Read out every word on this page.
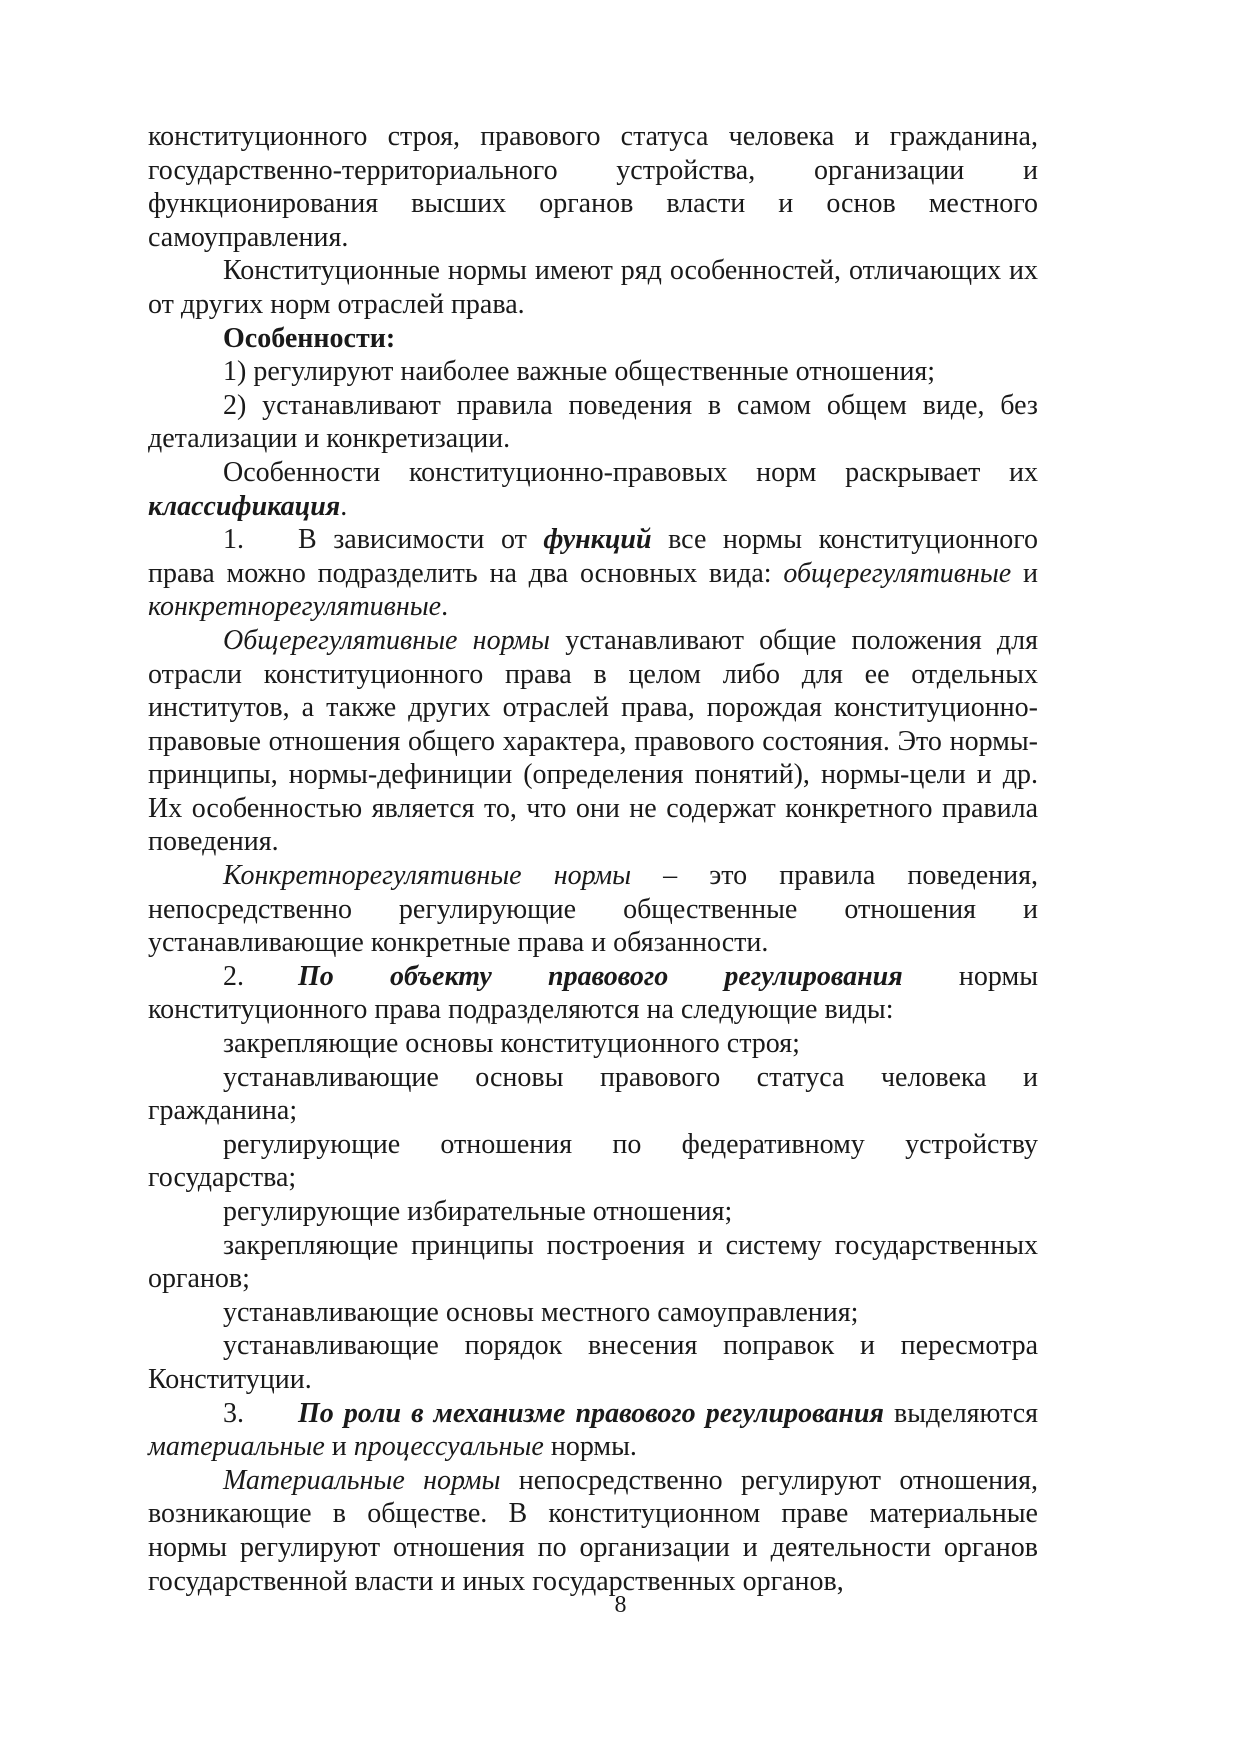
конституционного строя, правового статуса человека и гражданина, государственно-территориального устройства, организации и функционирования высших органов власти и основ местного самоуправления.

Конституционные нормы имеют ряд особенностей, отличающих их от других норм отраслей права.

Особенности:

1) регулируют наиболее важные общественные отношения;

2) устанавливают правила поведения в самом общем виде, без детализации и конкретизации.

Особенности конституционно-правовых норм раскрывает их классификация.

1. В зависимости от функций все нормы конституционного права можно подразделить на два основных вида: общерегулятивные и конкретнорегулятивные.

Общерегулятивные нормы устанавливают общие положения для отрасли конституционного права в целом либо для ее отдельных институтов, а также других отраслей права, порождая конституционно-правовые отношения общего характера, правового состояния. Это нормы-принципы, нормы-дефиниции (определения понятий), нормы-цели и др. Их особенностью является то, что они не содержат конкретного правила поведения.

Конкретнорегулятивные нормы – это правила поведения, непосредственно регулирующие общественные отношения и устанавливающие конкретные права и обязанности.

2. По объекту правового регулирования нормы конституционного права подразделяются на следующие виды:

закрепляющие основы конституционного строя;

устанавливающие основы правового статуса человека и гражданина;

регулирующие отношения по федеративному устройству государства;

регулирующие избирательные отношения;

закрепляющие принципы построения и систему государственных органов;

устанавливающие основы местного самоуправления;

устанавливающие порядок внесения поправок и пересмотра Конституции.

3. По роли в механизме правового регулирования выделяются материальные и процессуальные нормы.

Материальные нормы непосредственно регулируют отношения, возникающие в обществе. В конституционном праве материальные нормы регулируют отношения по организации и деятельности органов государственной власти и иных государственных органов,

8
